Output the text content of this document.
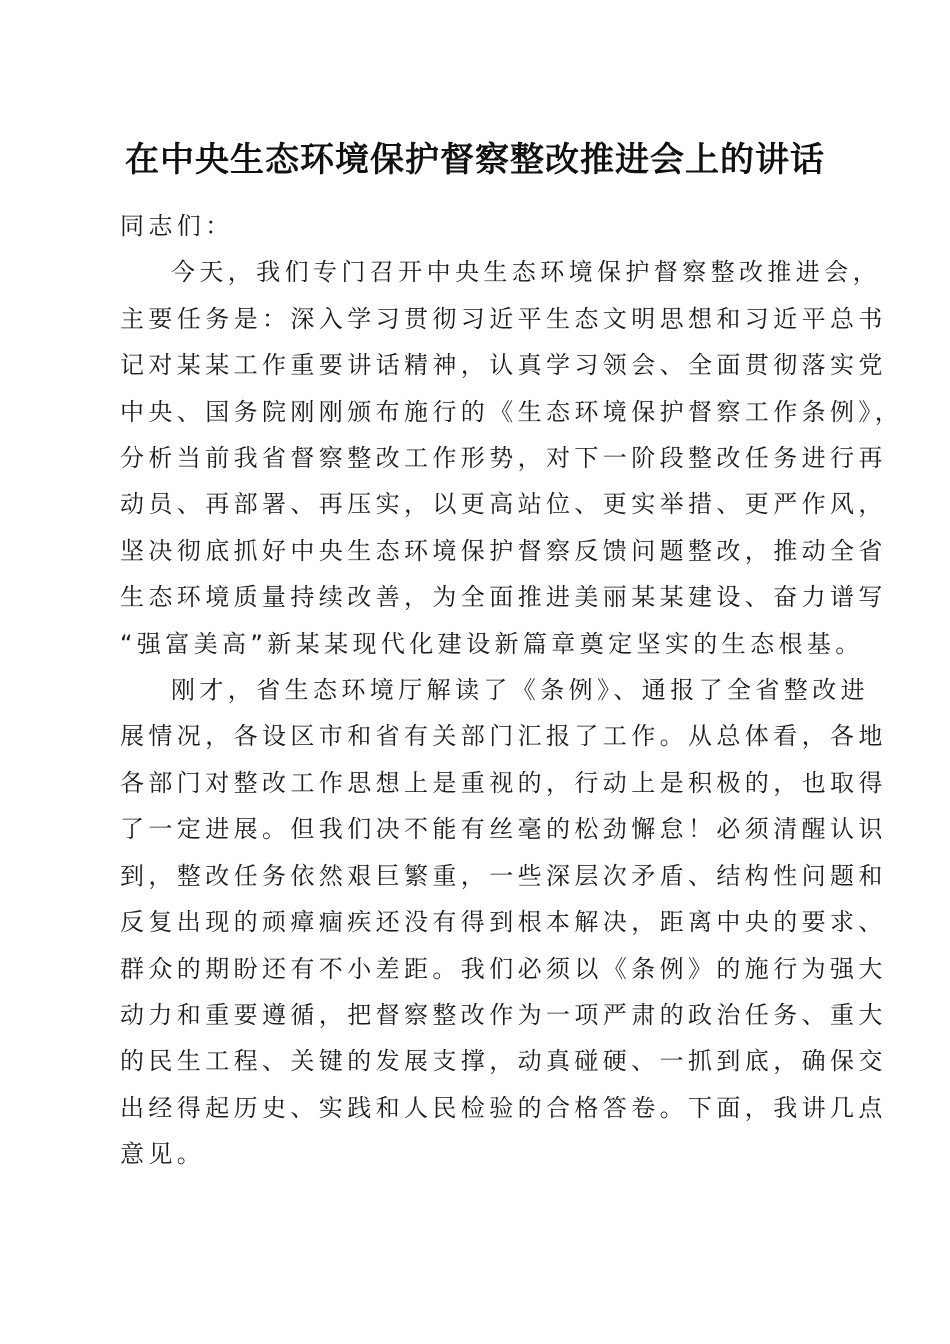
在中央生态环境保护督察整改推进会上的讲话

同志们：

今天，我们专门召开中央生态环境保护督察整改推进会，
主要任务是：深入学习贯彻习近平生态文明思想和习近平总书
记对某某工作重要讲话精神，认真学习领会、全面贯彻落实党
中央、国务院刚刚颁布施行的《生态环境保护督察工作条例》，
分析当前我省督察整改工作形势，对下一阶段整改任务进行再
动员、再部署、再压实，以更高站位、更实举措、更严作风，
坚决彻底抓好中央生态环境保护督察反馈问题整改，推动全省
生态环境质量持续改善，为全面推进美丽某某建设、奋力谱写
“强富美高”新某某现代化建设新篇章奠定坚实的生态根基。
刚才，省生态环境厅解读了《条例》、通报了全省整改进
展情况，各设区市和省有关部门汇报了工作。从总体看，各地
各部门对整改工作思想上是重视的，行动上是积极的，也取得
了一定进展。但我们决不能有丝毫的松劲懈怠！必须清醒认识
到，整改任务依然艰巨繁重，一些深层次矛盾、结构性问题和
反复出现的顽瘴痼疾还没有得到根本解决，距离中央的要求、
群众的期盼还有不小差距。我们必须以《条例》的施行为强大
动力和重要遵循，把督察整改作为一项严肃的政治任务、重大
的民生工程、关键的发展支撑，动真碰硬、一抓到底，确保交
出经得起历史、实践和人民检验的合格答卷。下面，我讲几点
意见。
